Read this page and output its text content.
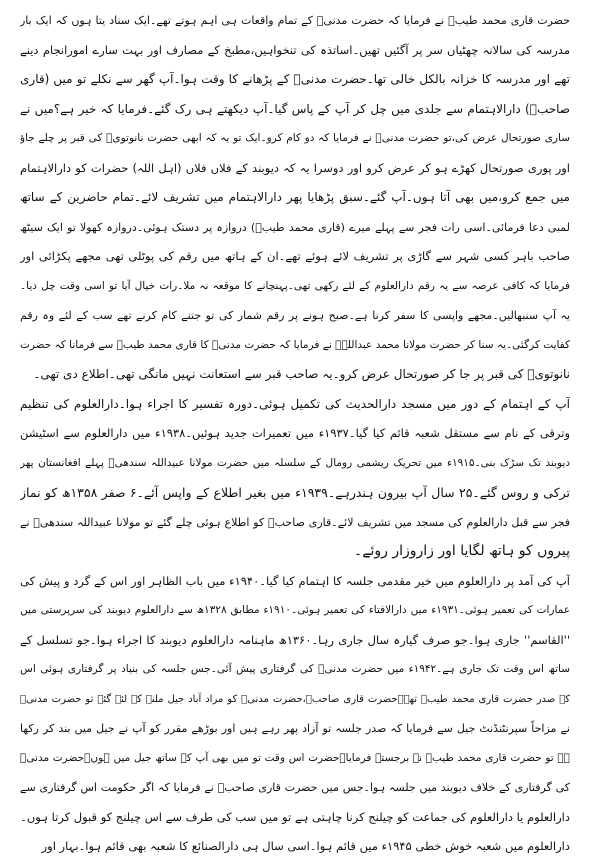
حضرت قاری محمد طیبؒ نے فرمایا کہ حضرت مدنیؒ کے تمام واقعات ہی اہم ہوتے تھے۔ایک سناد یتا ہوں کہ ایک بار
مدرسہ کی سالانہ چھٹیاں سر پر آگئیں تھیں۔اساتذہ کی تنخواہیں،مطبخ کے مصارف اور بہت سارے امورانجام دینے
تھے اور مدرسہ کا خزانہ بالکل خالی تھا۔حضرت مدنیؒ کے پڑھانے کا وقت ہوا۔آپ گھر سے نکلے تو میں (قاری
صاحبؒ) دارالاہتمام سے جلدی میں چل کر آپ کے پاس گیا۔آپ دیکھتے ہی رک گئے۔فرمایا کہ خیر ہے؟میں نے
ساری صورتحال عرض کی،تو حضرت مدنیؒ نے فرمایا کہ دو کام کرو۔ایک تو یہ کہ ابھی حضرت نانوتویؒ کی قبر پر چلے جاؤ
اور پوری صورتحال کھڑے ہو کر عرض کرو اور دوسرا یہ کہ دیوبند کے فلاں فلاں (اہل اللہ) حضرات کو دارالاہتمام
میں جمع کرو،میں بھی آتا ہوں۔آپ گئے۔سبق پڑھایا پھر دارالاہتمام میں تشریف لائے۔تمام حاضرین کے ساتھ
لمبی دعا فرمائی۔اسی رات فجر سے پہلے میرے (قاری محمد طیبؒ) دروازہ پر دستک ہوئی۔دروازہ کھولا تو ایک سیٹھ
صاحب باہر کسی شہر سے گاڑی پر تشریف لائے ہوئے تھے۔ان کے ہاتھ میں رقم کی پوٹلی تھی مجھے پکڑائی اور
فرمایا کہ کافی عرصہ سے یہ رقم دارالعلوم کے لئے رکھی تھی۔پہنچانے کا موقعہ نہ ملا۔رات خیال آیا تو اسی وقت چل دیا۔
یہ آپ سنبھالیں۔مجھے واپسی کا سفر کرنا ہے۔صبح ہونے پر رقم شمار کی تو جتنے کام کرنے تھے سب کے لئے وہ رقم
کفایت کرگئی۔یہ سنا کر حضرت مولانا محمد عبداللہؒ نے فرمایا کہ حضرت مدنیؒ کا قاری محمد طیبؒ سے فرمانا کہ حضرت
نانوتویؒ کی قبر پر جا کر صورتحال عرض کرو۔یہ صاحب قبر سے استعانت نہیں مانگی تھی۔اطلاع دی تھی۔
آپ کے اہتمام کے دور میں مسجد دارالحدیث کی تکمیل ہوئی۔دورہ تفسیر کا اجراء ہوا۔دارالعلوم کی تنظیم
وترقی کے نام سے مستقل شعبہ قائم کیا گیا۔۱۹۳۷ء میں تعمیرات جدید ہوئیں۔۱۹۳۸ء میں دارالعلوم سے اسٹیشن
دیوبند تک سڑک بنی۔۱۹۱۵ء میں تحریک ریشمی رومال کے سلسلہ میں حضرت مولانا عبیداللہ سندھیؒ پہلے افغانستان پھر
ترکی و روس گئے۔۲۵ سال آپ بیرون ہندرہے۔۱۹۳۹ء میں بغیر اطلاع کے واپس آئے۔۶ صفر ۱۳۵۸ھ کو نماز
فجر سے قبل دارالعلوم کی مسجد میں تشریف لائے۔قاری صاحبؒ کو اطلاع ہوئی چلے گئے تو مولانا عبیداللہ سندھیؒ نے
پیروں کو ہاتھ لگایا اور زاروزار روئے۔
آپ کی آمد پر دارالعلوم میں خیر مقدمی جلسہ کا اہتمام کیا گیا۔۱۹۴۰ء میں باب الظاہر اور اس کے گرد و پیش کی
عمارات کی تعمیر ہوئی۔۱۹۳۱ء میں دارالافتاء کی تعمیر ہوئی۔۱۹۱۰ء مطابق ۱۳۲۸ھ سے دارالعلوم دیوبند کی سرپرستی میں
''القاسم'' جاری ہوا۔جو صرف گیارہ سال جاری رہا۔۱۳۶۰ھ ماہنامہ دارالعلوم دیوبند کا اجراء ہوا۔جو تسلسل کے
ساتھ اس وقت تک جاری ہے۔۱۹۴۲ء میں حضرت مدنیؒ کی گرفتاری پیش آئی۔جس جلسہ کی بنیاد پر گرفتاری ہوئی اس
کے صدر حضرت قاری محمد طیبؒ تھے۔حضرت قاری صاحبؒ،حضرت مدنیؒ کو مراد آباد جیل ملنے کے لئے گئے تو حضرت مدنیؒ
نے مزاحاً سپرنٹنڈنٹ جیل سے فرمایا کہ صدر جلسہ تو آزاد پھر رہے ہیں اور بوڑھے مقرر کو آپ نے جیل میں بند کر رکھا
ہے تو حضرت قاری محمد طیبؒ نے برجستہ فرمایا۔حضرت اس وقت تو میں بھی آپ کے ساتھ جیل میں ہوں۔حضرت مدنیؒ
کی گرفتاری کے خلاف دیوبند میں جلسہ ہوا۔جس میں حضرت قاری صاحبؒ نے فرمایا کہ اگر حکومت اس گرفتاری سے
دارالعلوم یا دارالعلوم کی جماعت کو چیلنج کرنا چاہتی ہے تو میں سب کی طرف سے اس چیلنج کو قبول کرتا ہوں۔
دارالعلوم میں شعبہ خوش خطی ۱۹۴۵ء میں قائم ہوا۔اسی سال ہی دارالصنائع کا شعبہ بھی قائم ہوا۔بہار اور
